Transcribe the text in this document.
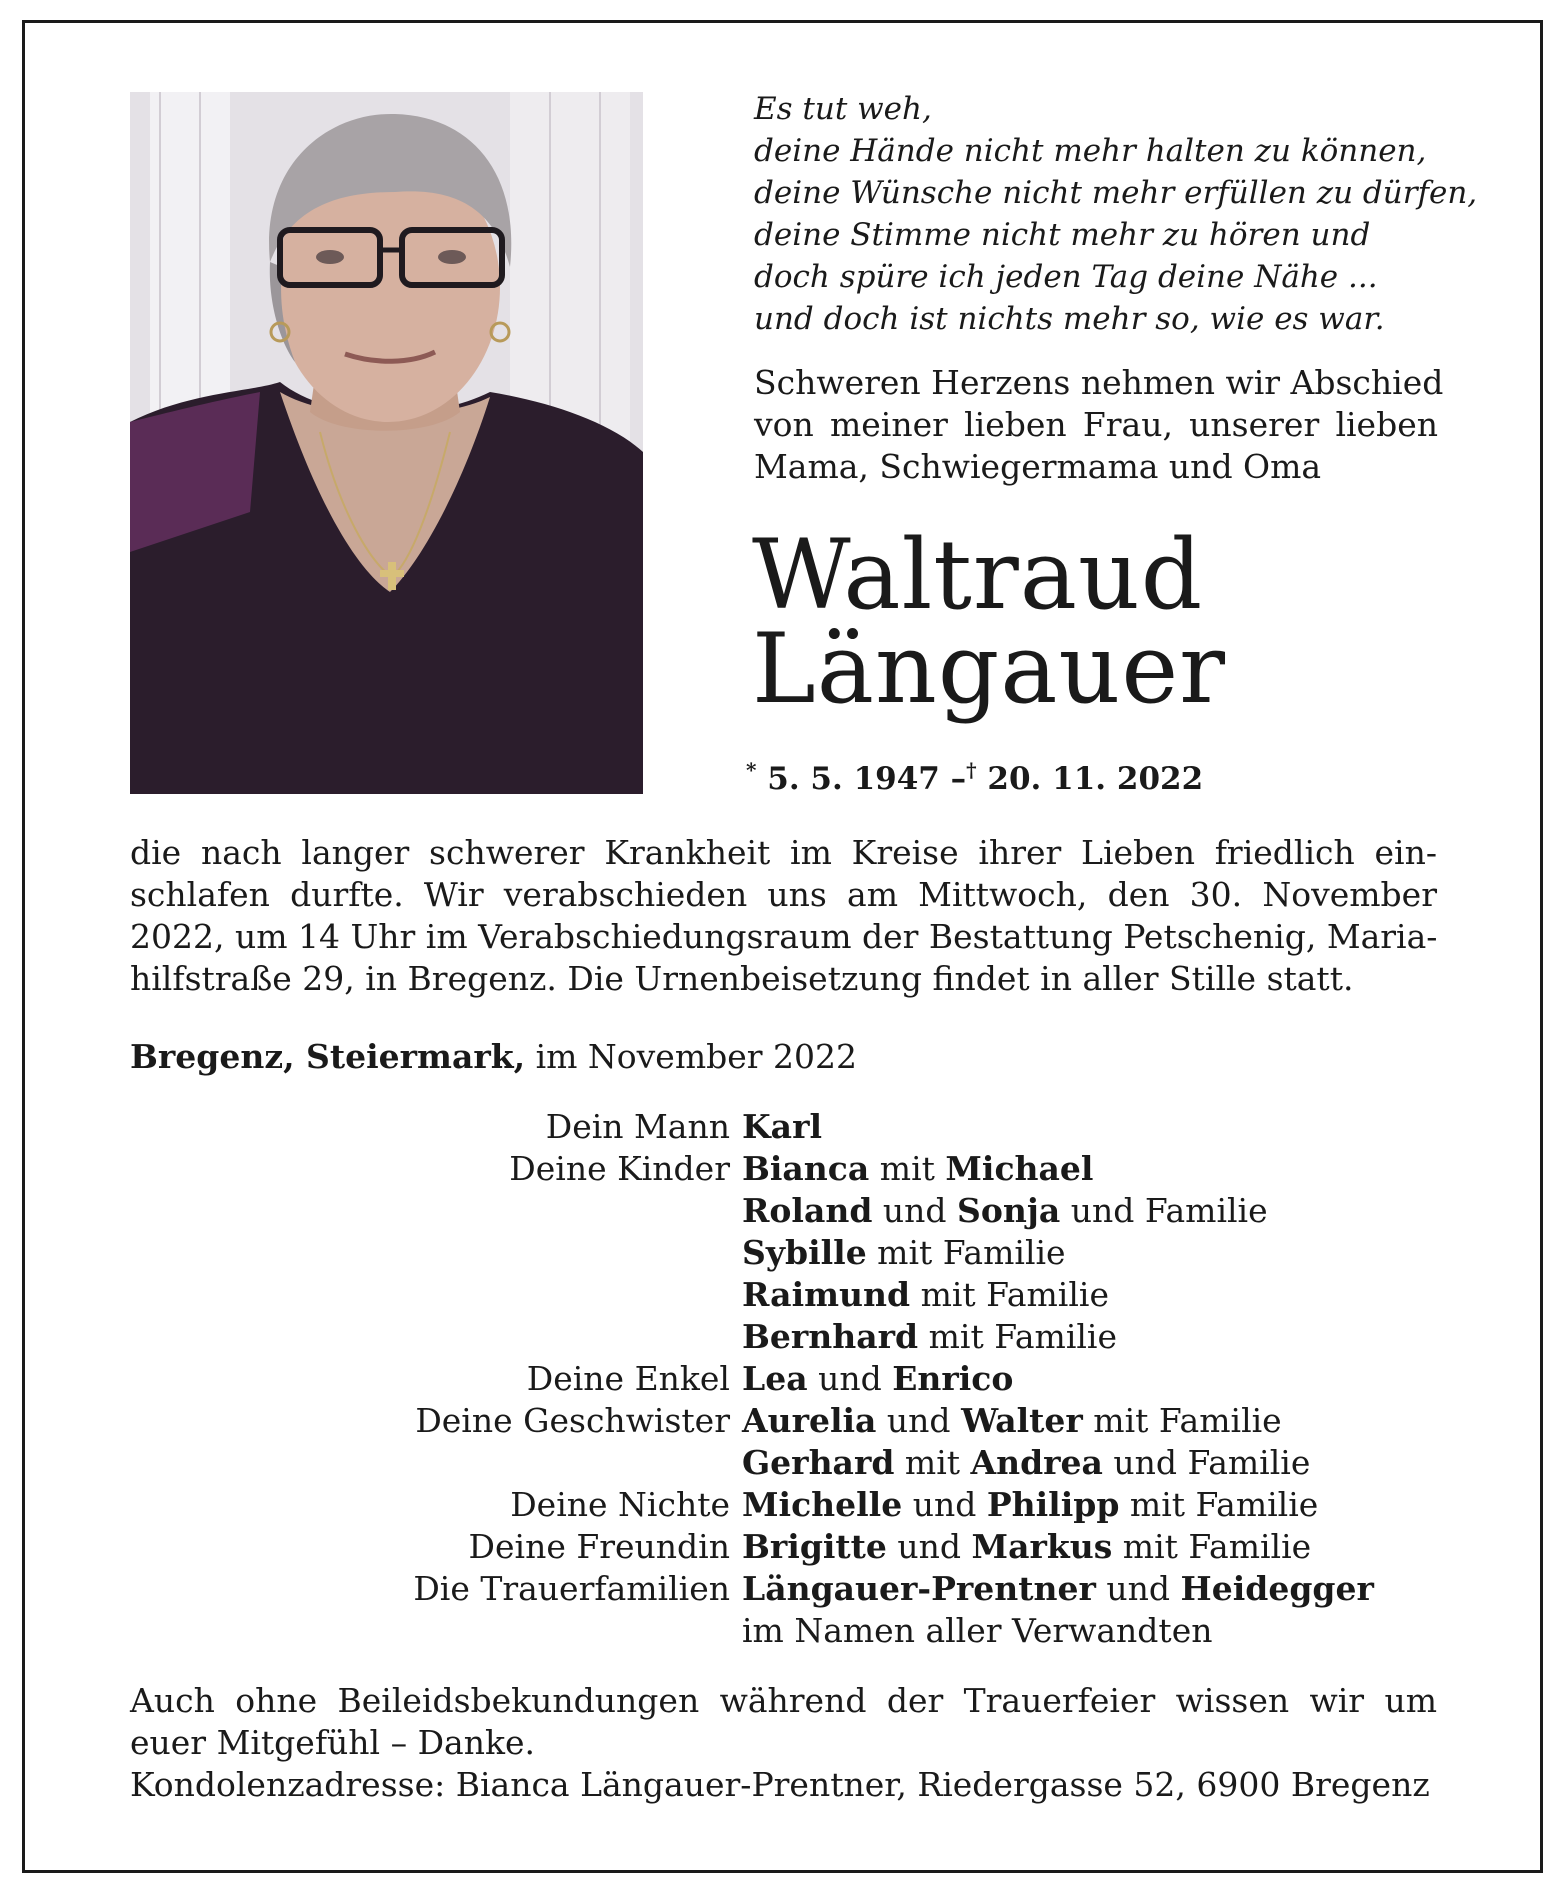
Es tut weh,
deine Hände nicht mehr halten zu können,
deine Wünsche nicht mehr erfüllen zu dürfen,
deine Stimme nicht mehr zu hören und
doch spüre ich jeden Tag deine Nähe ...
und doch ist nichts mehr so, wie es war.
Schweren Herzens nehmen wir Abschied
von meiner lieben Frau, unserer lieben
Mama, Schwiegermama und Oma
Waltraud
Längauer
* 5. 5. 1947 –† 20. 11. 2022
die nach langer schwerer Krankheit im Kreise ihrer Lieben friedlich ein-
schlafen durfte. Wir verabschieden uns am Mittwoch, den 30. November
2022, um 14 Uhr im Verabschiedungsraum der Bestattung Petschenig, Maria-
hilfstraße 29, in Bregenz. Die Urnenbeisetzung findet in aller Stille statt.
Bregenz, Steiermark, im November 2022
Dein Mann Karl
Deine Kinder Bianca mit Michael
Roland und Sonja und Familie
Sybille mit Familie
Raimund mit Familie
Bernhard mit Familie
Deine Enkel Lea und Enrico
Deine Geschwister Aurelia und Walter mit Familie
Gerhard mit Andrea und Familie
Deine Nichte Michelle und Philipp mit Familie
Deine Freundin Brigitte und Markus mit Familie
Die Trauerfamilien Längauer-Prentner und Heidegger
im Namen aller Verwandten
Auch ohne Beileidsbekundungen während der Trauerfeier wissen wir um
euer Mitgefühl – Danke.
Kondolenzadresse: Bianca Längauer-Prentner, Riedergasse 52, 6900 Bregenz
